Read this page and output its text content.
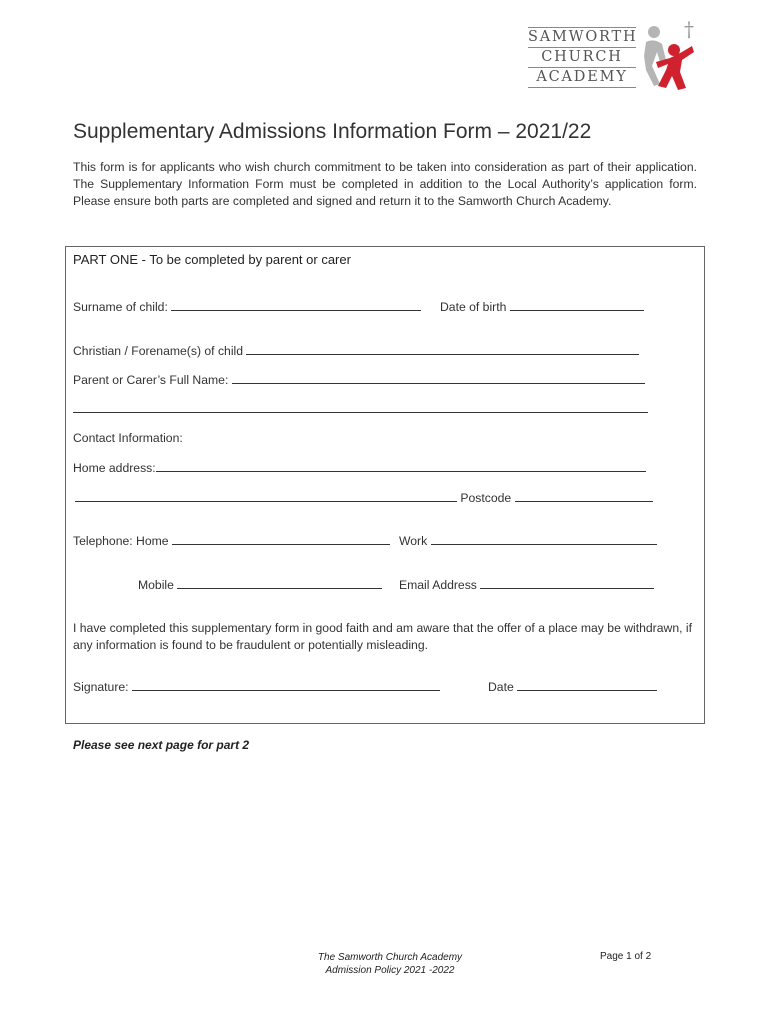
SAMWORTH
CHURCH
ACADEMY
†
Supplementary Admissions Information Form – 2021/22
This form is for applicants who wish church commitment to be taken into consideration as part of their application. The Supplementary Information Form must be completed in addition to the Local Authority’s application form. Please ensure both parts are completed and signed and return it to the Samworth Church Academy.
PART ONE - To be completed by parent or carer
Surname of child:	Date of birth
Christian / Forename(s) of child
Parent or Carer’s Full Name:
Contact Information:
Home address:
Postcode
Telephone: Home	Work
Mobile	Email Address
I have completed this supplementary form in good faith and am aware that the offer of a place may be withdrawn, if any information is found to be fraudulent or potentially misleading.
Signature:	Date
Please see next page for part 2
The Samworth Church Academy
Admission Policy 2021 -2022
Page 1 of 2
